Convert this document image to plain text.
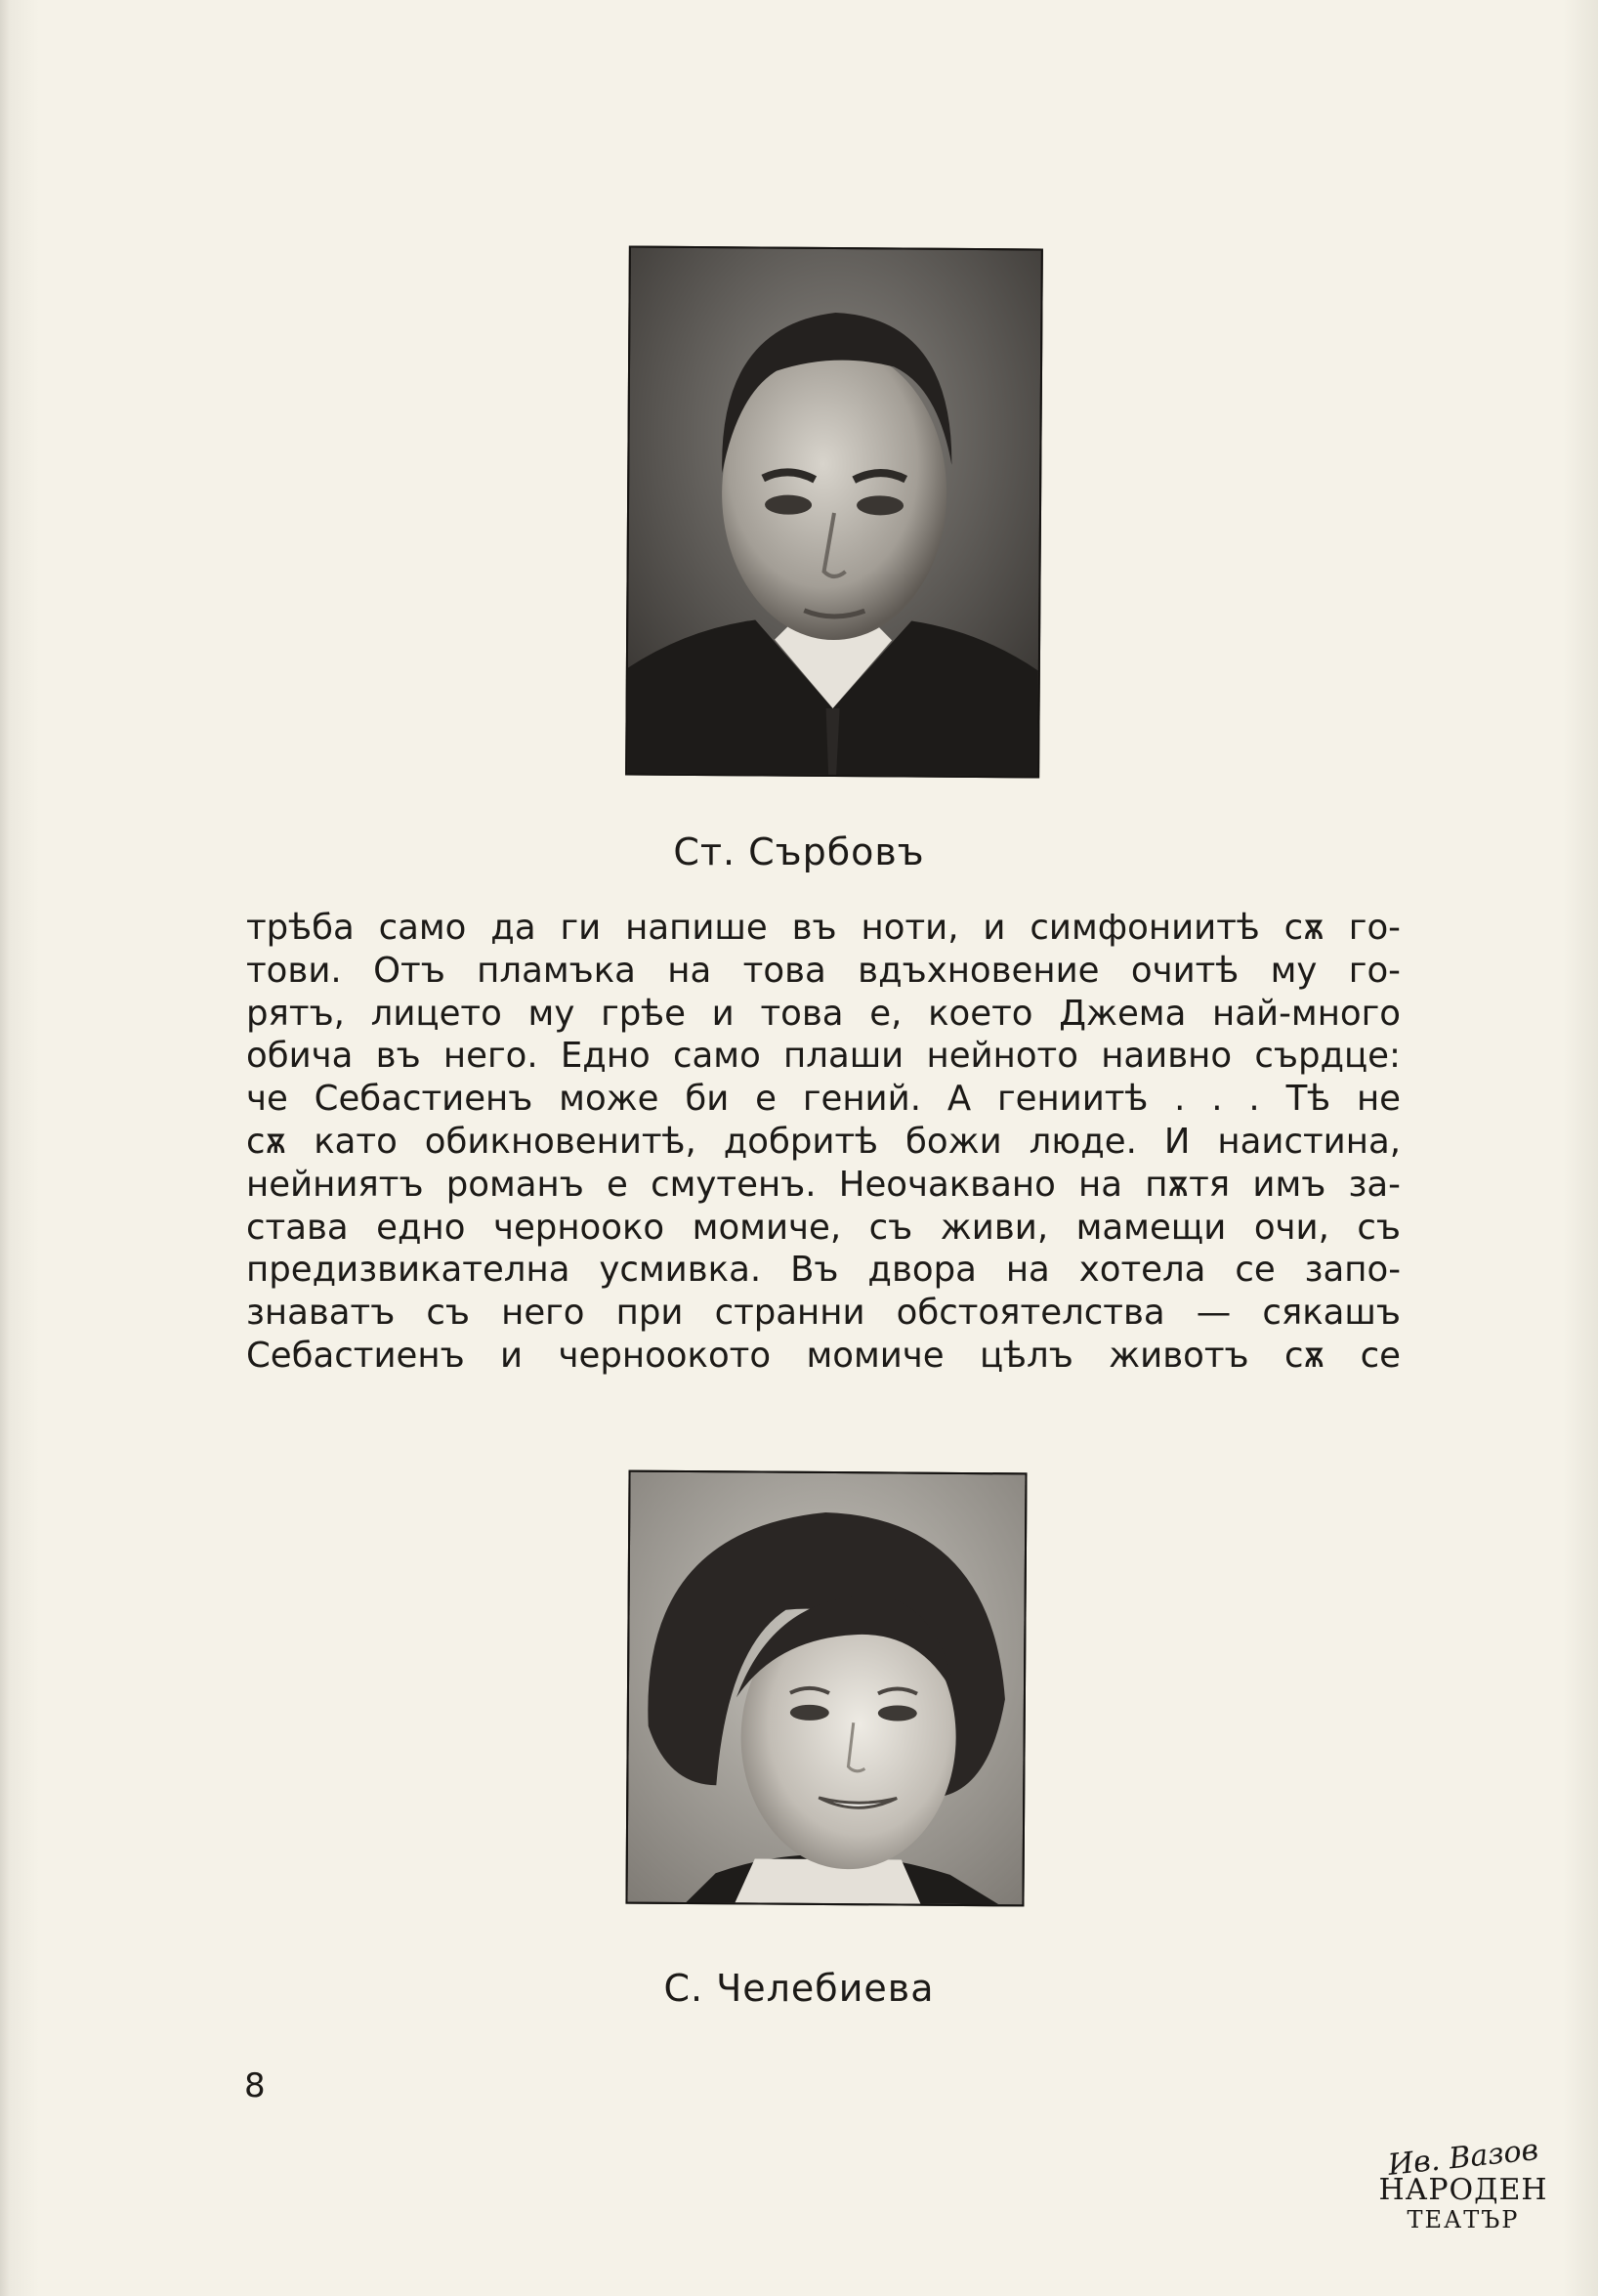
Ст. Сърбовъ
трѣба само да ги напише въ ноти, и симфониитѣ сѫ го-
тови. Отъ пламъка на това вдъхновение очитѣ му го-
рятъ, лицето му грѣе и това е, което Джема най-много
обича въ него. Едно само плаши нейното наивно сърдце:
че Себастиенъ може би е гений. А гениитѣ . . . Тѣ не
сѫ като обикновенитѣ, добритѣ божи люде. И наистина,
нейниятъ романъ е смутенъ. Неочаквано на пѫтя имъ за-
става едно черноoко момиче, съ живи, мамещи очи, съ
предизвикателна усмивка. Въ двора на хотела се запо-
знаватъ съ него при странни обстоятелства — сякашъ
Себастиенъ и черноокото момиче цѣлъ животъ сѫ се
С. Челебиева
8
Ив. Вазов
НАРОДЕН
ТЕАТЪР
